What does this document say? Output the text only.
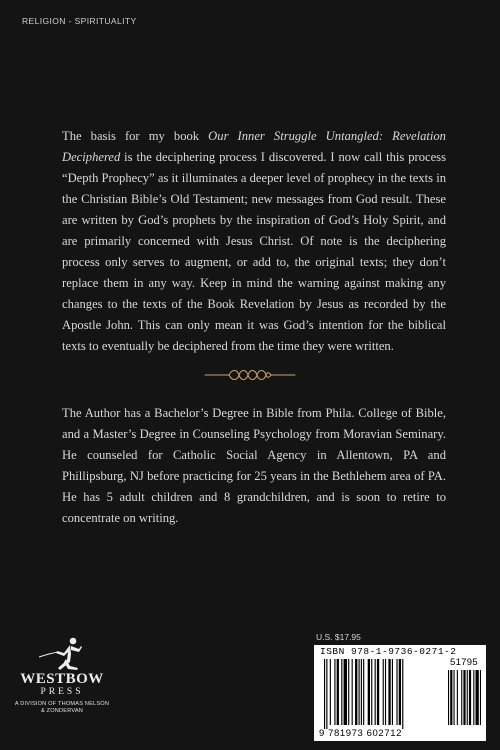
RELIGION - SPIRITUALITY

The basis for my book Our Inner Struggle Untangled: Revelation Deciphered is the deciphering process I discovered. I now call this process “Depth Prophecy” as it illuminates a deeper level of prophecy in the texts in the Christian Bible’s Old Testament; new messages from God result. These are written by God’s prophets by the inspiration of God’s Holy Spirit, and are primarily concerned with Jesus Christ. Of note is the deciphering process only serves to augment, or add to, the original texts; they don’t replace them in any way. Keep in mind the warning against making any changes to the texts of the Book Revelation by Jesus as recorded by the Apostle John. This can only mean it was God’s intention for the biblical texts to eventually be deciphered from the time they were written.

The Author has a Bachelor’s Degree in Bible from Phila. College of Bible, and a Master’s Degree in Counseling Psychology from Moravian Seminary. He counseled for Catholic Social Agency in Allentown, PA and Phillipsburg, NJ before practicing for 25 years in the Bethlehem area of PA. He has 5 adult children and 8 grandchildren, and is soon to retire to concentrate on writing.

WESTBOW
PRESS
A DIVISION OF THOMAS NELSON
& ZONDERVAN
U.S. $17.95
ISBN 978-1-9736-0271-2
51795
9 781973 602712
